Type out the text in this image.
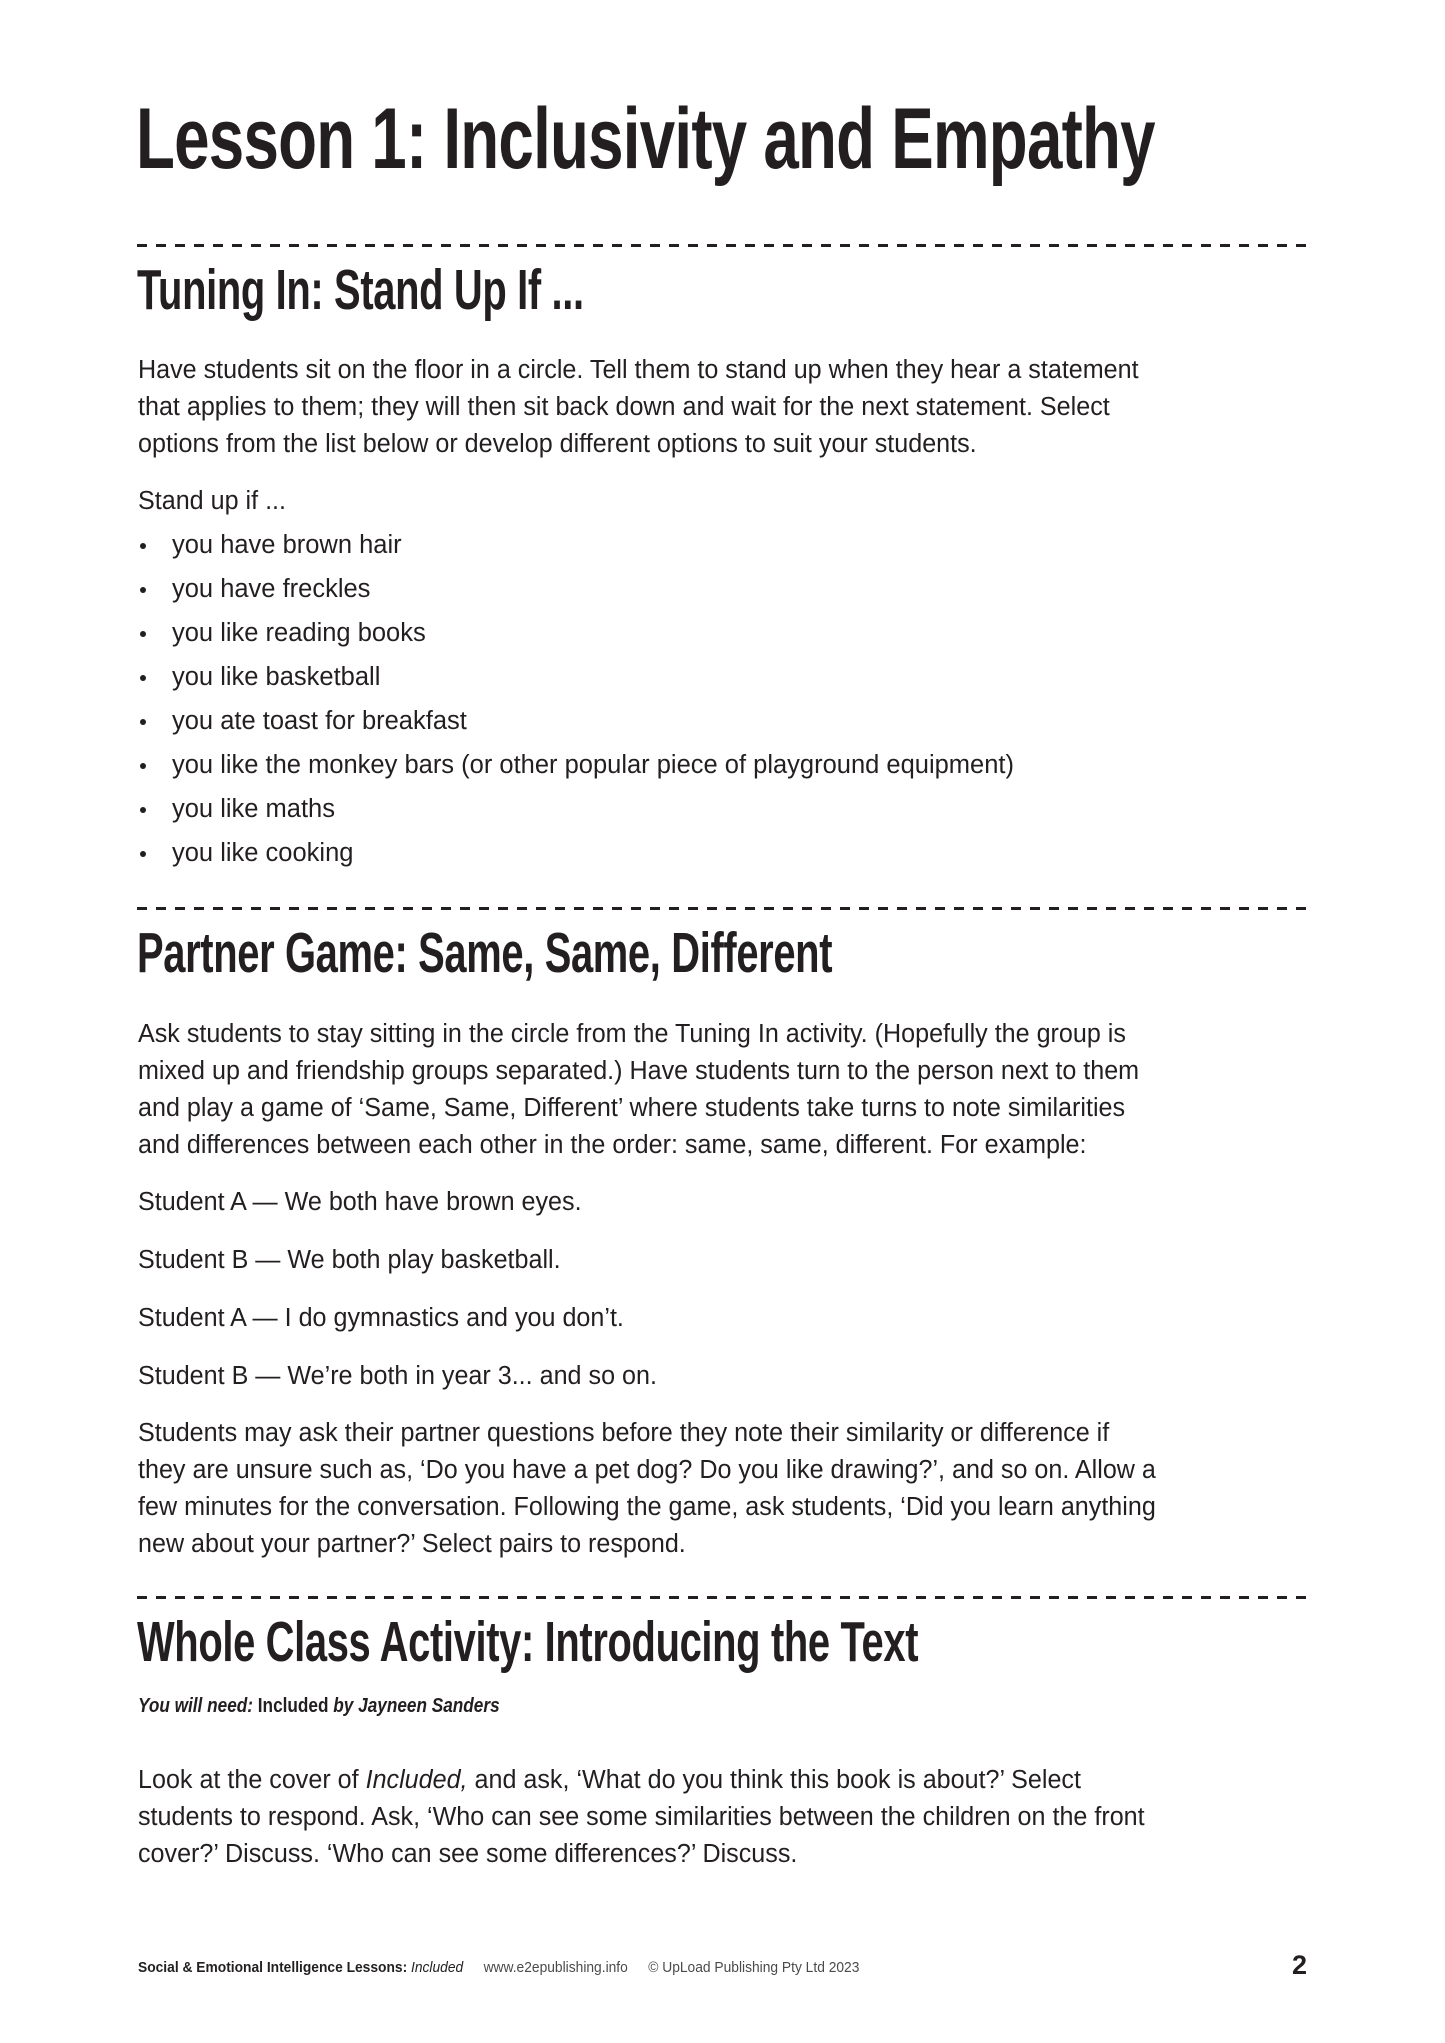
Lesson 1: Inclusivity and Empathy
Tuning In: Stand Up If ...
Have students sit on the floor in a circle. Tell them to stand up when they hear a statement
that applies to them; they will then sit back down and wait for the next statement. Select
options from the list below or develop different options to suit your students.
Stand up if ...
you have brown hair
you have freckles
you like reading books
you like basketball
you ate toast for breakfast
you like the monkey bars (or other popular piece of playground equipment)
you like maths
you like cooking
Partner Game: Same, Same, Different
Ask students to stay sitting in the circle from the Tuning In activity. (Hopefully the group is
mixed up and friendship groups separated.) Have students turn to the person next to them
and play a game of ‘Same, Same, Different’ where students take turns to note similarities
and differences between each other in the order: same, same, different. For example:
Student A — We both have brown eyes.
Student B — We both play basketball.
Student A — I do gymnastics and you don’t.
Student B — We’re both in year 3... and so on.
Students may ask their partner questions before they note their similarity or difference if
they are unsure such as, ‘Do you have a pet dog? Do you like drawing?’, and so on. Allow a
few minutes for the conversation. Following the game, ask students, ‘Did you learn anything
new about your partner?’ Select pairs to respond.
Whole Class Activity: Introducing the Text
You will need: Included by Jayneen Sanders
Look at the cover of Included, and ask, ‘What do you think this book is about?’ Select
students to respond. Ask, ‘Who can see some similarities between the children on the front
cover?’ Discuss. ‘Who can see some differences?’ Discuss.
Social & Emotional Intelligence Lessons: Included www.e2epublishing.info © UpLoad Publishing Pty Ltd 2023	2
